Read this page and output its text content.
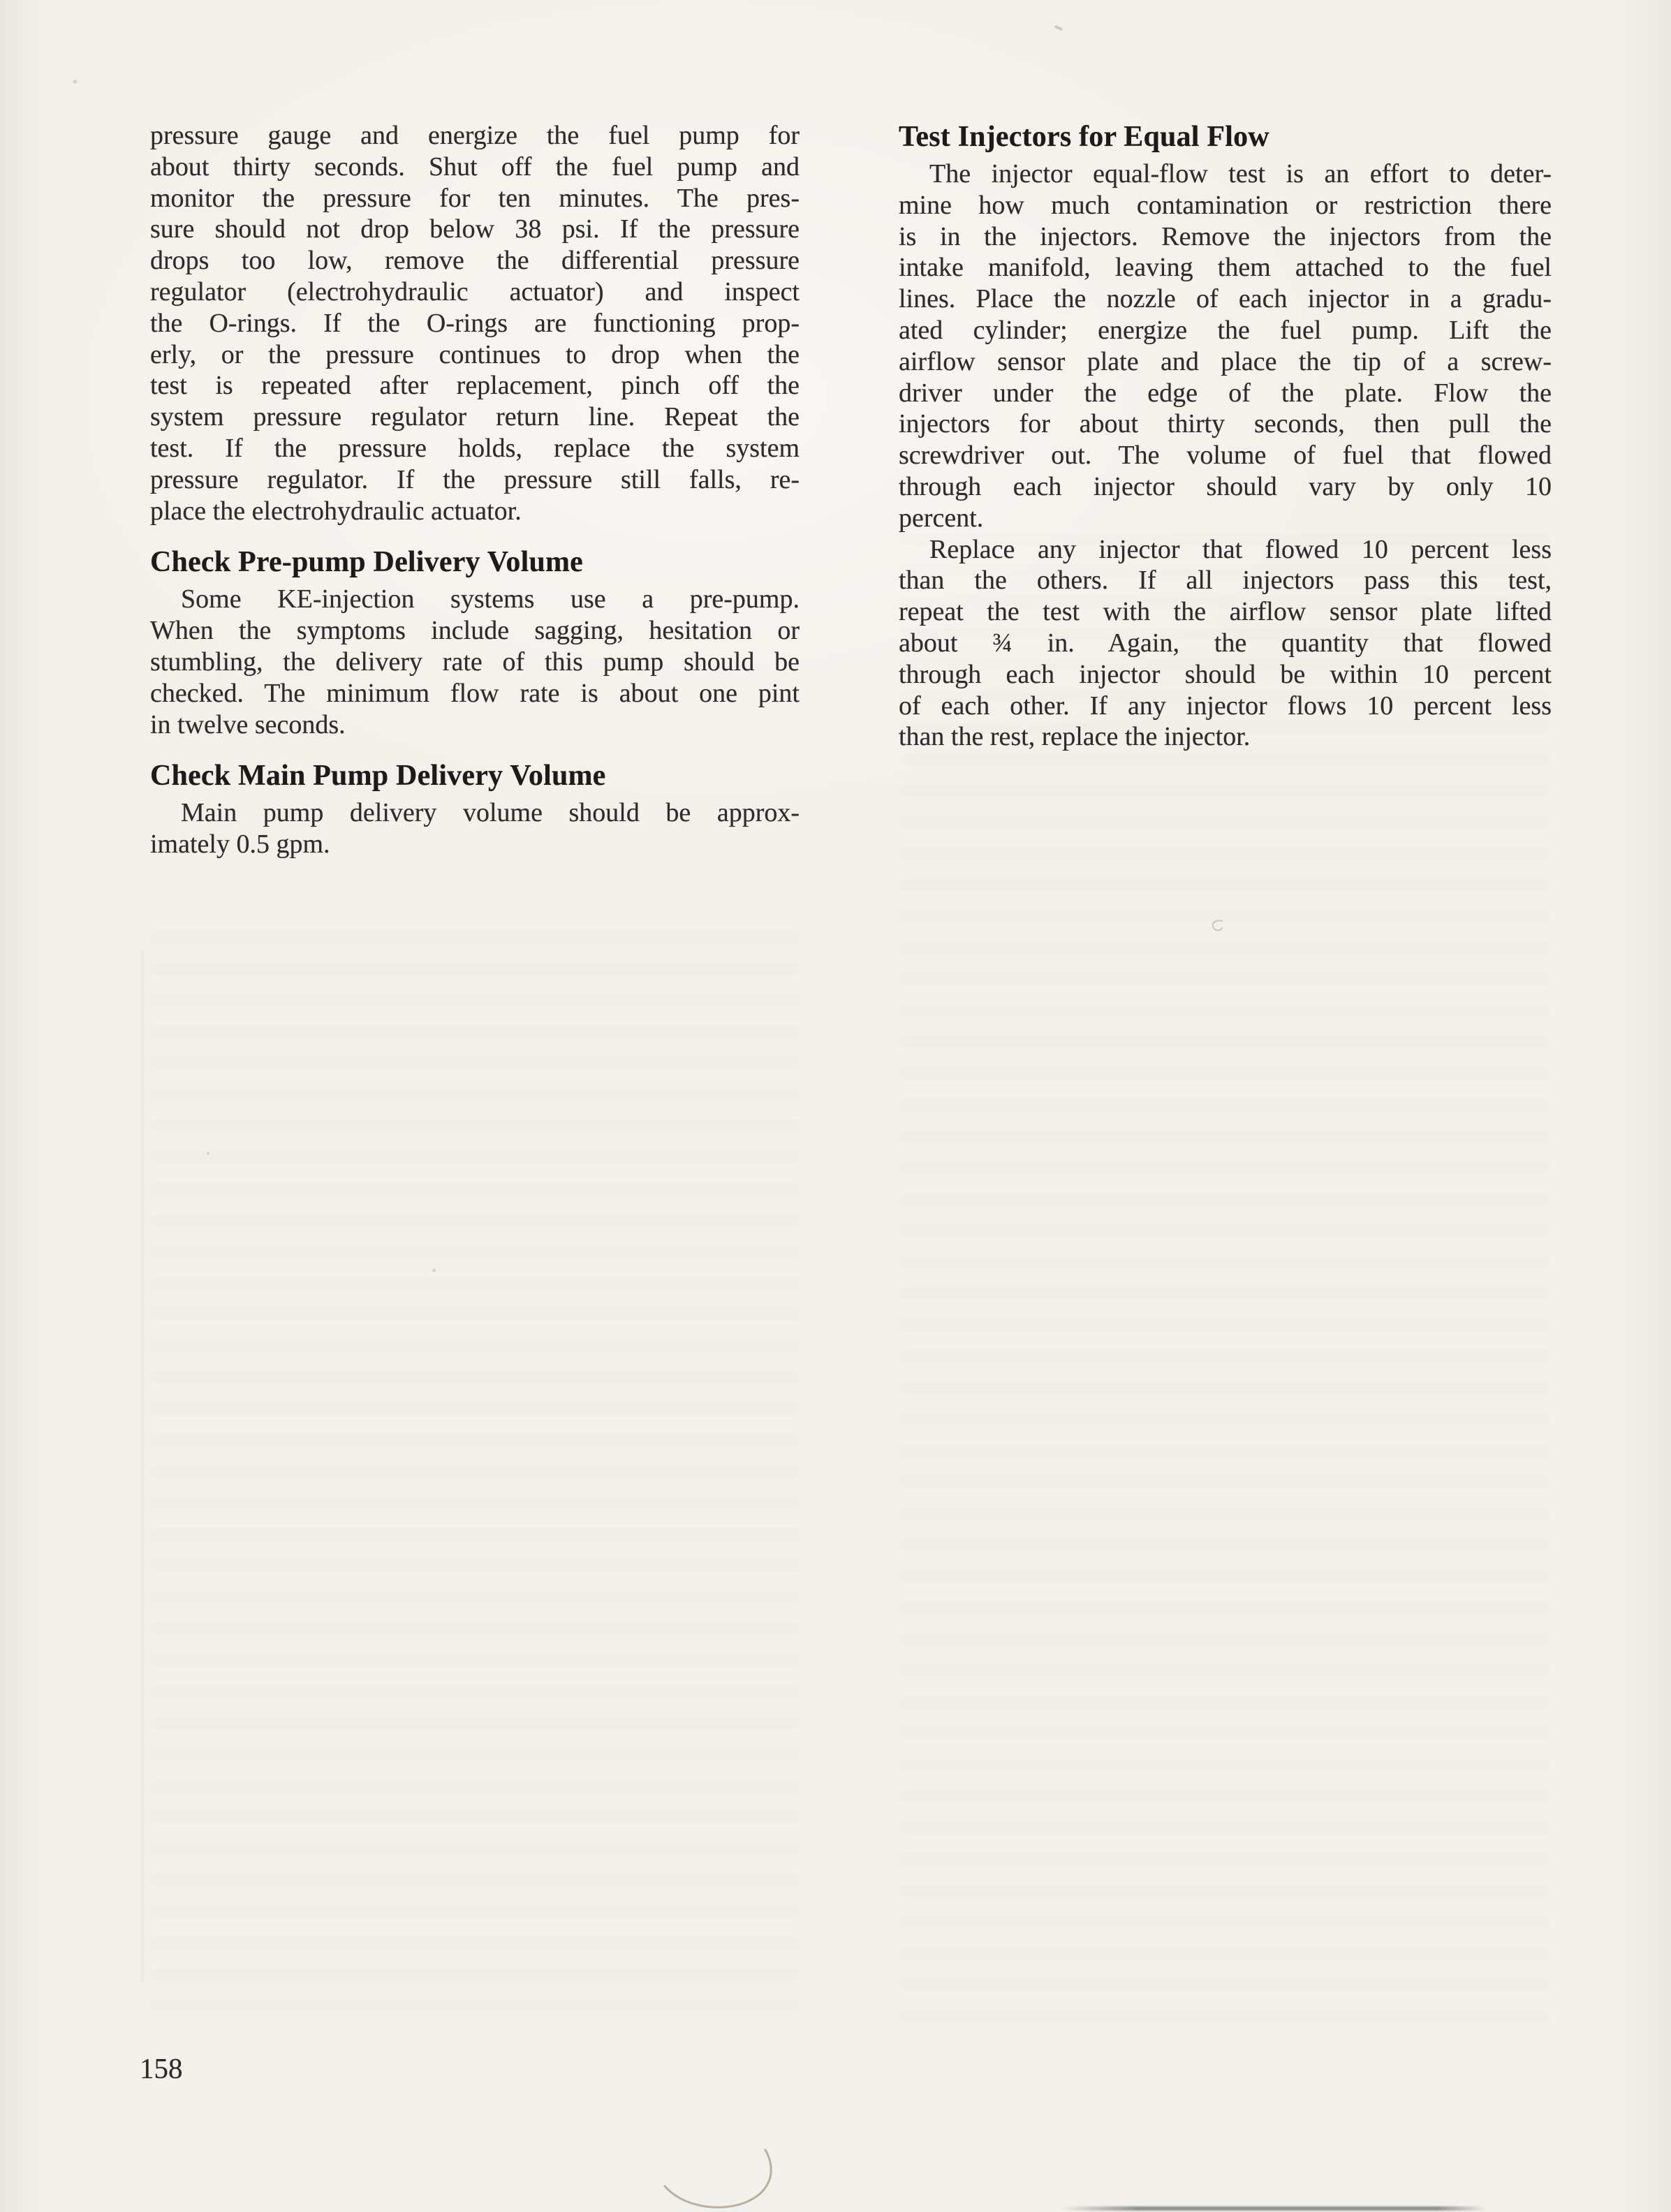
pressure gauge and energize the fuel pump for
about thirty seconds. Shut off the fuel pump and
monitor the pressure for ten minutes. The pres-
sure should not drop below 38 psi. If the pressure
drops too low, remove the differential pressure
regulator (electrohydraulic actuator) and inspect
the O-rings. If the O-rings are functioning prop-
erly, or the pressure continues to drop when the
test is repeated after replacement, pinch off the
system pressure regulator return line. Repeat the
test. If the pressure holds, replace the system
pressure regulator. If the pressure still falls, re-
place the electrohydraulic actuator.
Check Pre-pump Delivery Volume
Some KE-injection systems use a pre-pump.
When the symptoms include sagging, hesitation or
stumbling, the delivery rate of this pump should be
checked. The minimum flow rate is about one pint
in twelve seconds.
Check Main Pump Delivery Volume
Main pump delivery volume should be approx-
imately 0.5 gpm.
Test Injectors for Equal Flow
The injector equal-flow test is an effort to deter-
mine how much contamination or restriction there
is in the injectors. Remove the injectors from the
intake manifold, leaving them attached to the fuel
lines. Place the nozzle of each injector in a gradu-
ated cylinder; energize the fuel pump. Lift the
airflow sensor plate and place the tip of a screw-
driver under the edge of the plate. Flow the
injectors for about thirty seconds, then pull the
screwdriver out. The volume of fuel that flowed
through each injector should vary by only 10
percent.
Replace any injector that flowed 10 percent less
than the others. If all injectors pass this test,
repeat the test with the airflow sensor plate lifted
about ¾ in. Again, the quantity that flowed
through each injector should be within 10 percent
of each other. If any injector flows 10 percent less
than the rest, replace the injector.
158
